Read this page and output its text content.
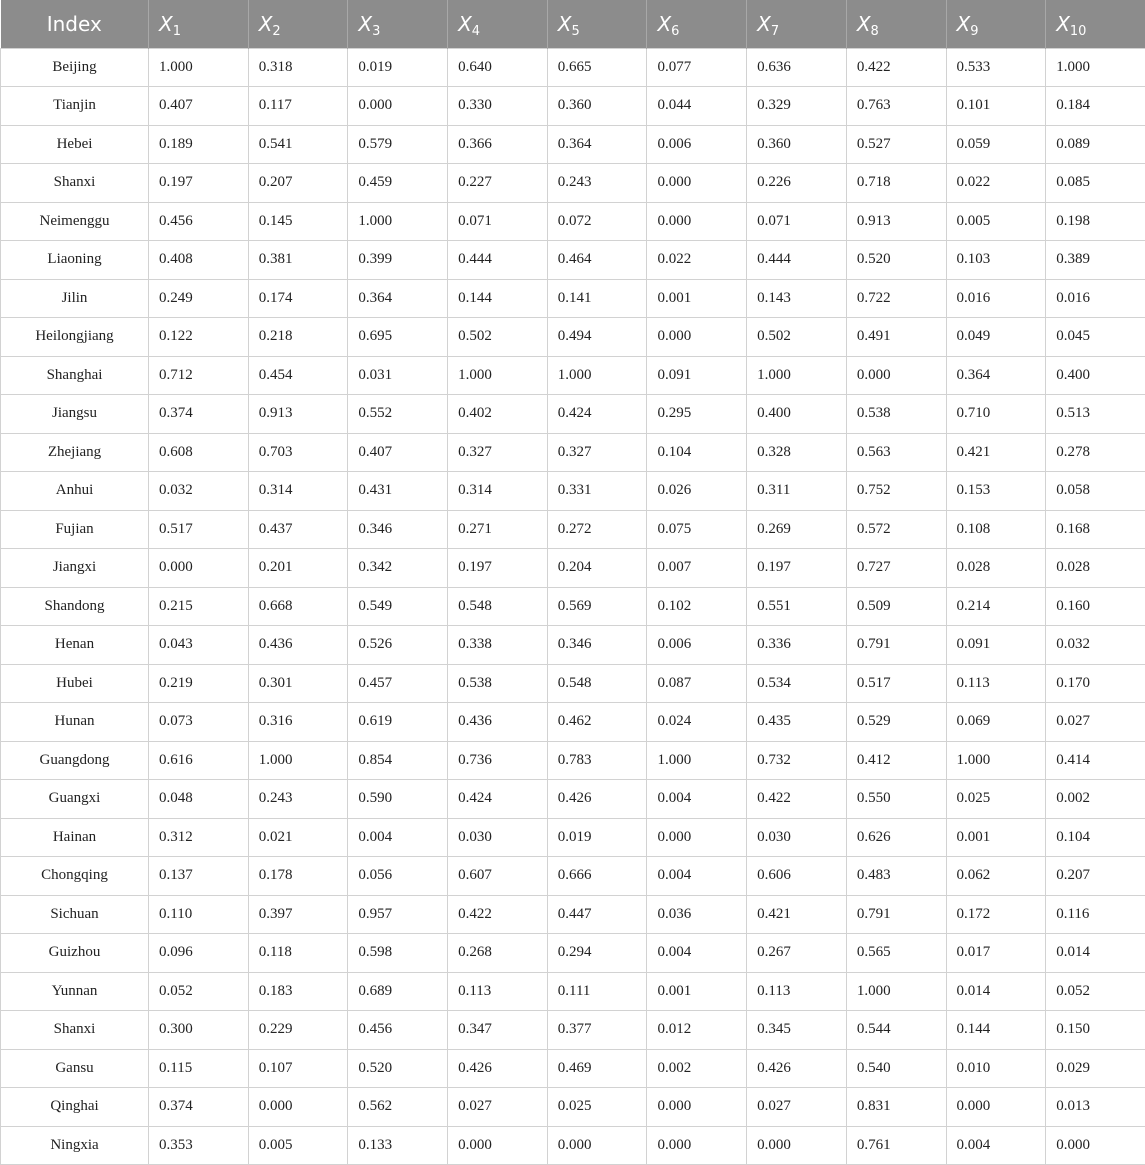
Index	$X_1$	$X_2$	$X_3$	$X_4$	$X_5$	$X_6$	$X_7$	$X_8$	$X_9$	$X_{10}$
Beijing	1.000	0.318	0.019	0.640	0.665	0.077	0.636	0.422	0.533	1.000
Tianjin	0.407	0.117	0.000	0.330	0.360	0.044	0.329	0.763	0.101	0.184
Hebei	0.189	0.541	0.579	0.366	0.364	0.006	0.360	0.527	0.059	0.089
Shanxi	0.197	0.207	0.459	0.227	0.243	0.000	0.226	0.718	0.022	0.085
Neimenggu	0.456	0.145	1.000	0.071	0.072	0.000	0.071	0.913	0.005	0.198
Liaoning	0.408	0.381	0.399	0.444	0.464	0.022	0.444	0.520	0.103	0.389
Jilin	0.249	0.174	0.364	0.144	0.141	0.001	0.143	0.722	0.016	0.016
Heilongjiang	0.122	0.218	0.695	0.502	0.494	0.000	0.502	0.491	0.049	0.045
Shanghai	0.712	0.454	0.031	1.000	1.000	0.091	1.000	0.000	0.364	0.400
Jiangsu	0.374	0.913	0.552	0.402	0.424	0.295	0.400	0.538	0.710	0.513
Zhejiang	0.608	0.703	0.407	0.327	0.327	0.104	0.328	0.563	0.421	0.278
Anhui	0.032	0.314	0.431	0.314	0.331	0.026	0.311	0.752	0.153	0.058
Fujian	0.517	0.437	0.346	0.271	0.272	0.075	0.269	0.572	0.108	0.168
Jiangxi	0.000	0.201	0.342	0.197	0.204	0.007	0.197	0.727	0.028	0.028
Shandong	0.215	0.668	0.549	0.548	0.569	0.102	0.551	0.509	0.214	0.160
Henan	0.043	0.436	0.526	0.338	0.346	0.006	0.336	0.791	0.091	0.032
Hubei	0.219	0.301	0.457	0.538	0.548	0.087	0.534	0.517	0.113	0.170
Hunan	0.073	0.316	0.619	0.436	0.462	0.024	0.435	0.529	0.069	0.027
Guangdong	0.616	1.000	0.854	0.736	0.783	1.000	0.732	0.412	1.000	0.414
Guangxi	0.048	0.243	0.590	0.424	0.426	0.004	0.422	0.550	0.025	0.002
Hainan	0.312	0.021	0.004	0.030	0.019	0.000	0.030	0.626	0.001	0.104
Chongqing	0.137	0.178	0.056	0.607	0.666	0.004	0.606	0.483	0.062	0.207
Sichuan	0.110	0.397	0.957	0.422	0.447	0.036	0.421	0.791	0.172	0.116
Guizhou	0.096	0.118	0.598	0.268	0.294	0.004	0.267	0.565	0.017	0.014
Yunnan	0.052	0.183	0.689	0.113	0.111	0.001	0.113	1.000	0.014	0.052
Shanxi	0.300	0.229	0.456	0.347	0.377	0.012	0.345	0.544	0.144	0.150
Gansu	0.115	0.107	0.520	0.426	0.469	0.002	0.426	0.540	0.010	0.029
Qinghai	0.374	0.000	0.562	0.027	0.025	0.000	0.027	0.831	0.000	0.013
Ningxia	0.353	0.005	0.133	0.000	0.000	0.000	0.000	0.761	0.004	0.000
